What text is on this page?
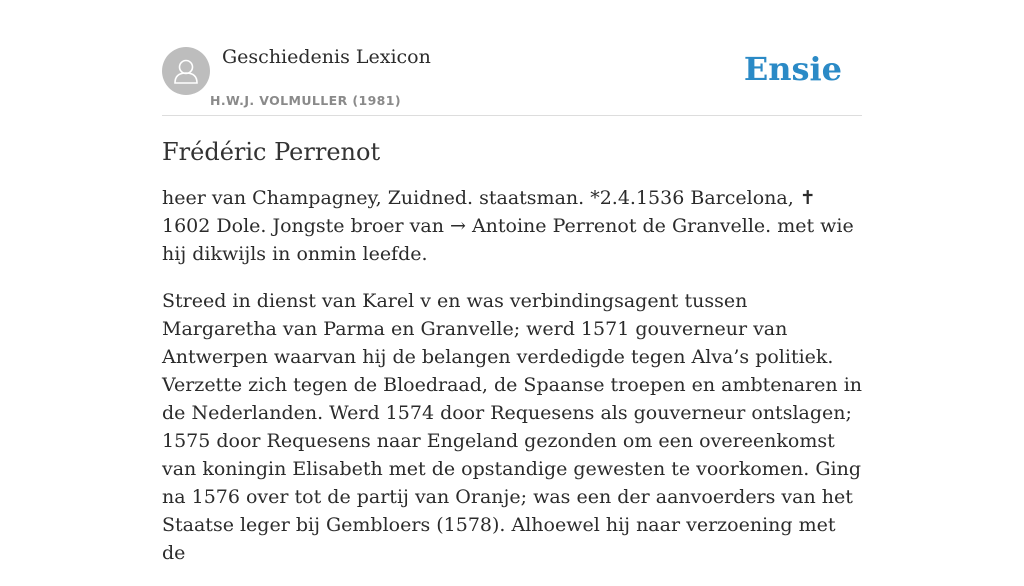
Geschiedenis Lexicon
H.W.J. VOLMULLER (1981)
Ensie
Frédéric Perrenot

heer van Champagney, Zuidned. staatsman. *2.4.1536 Barcelona, ✝ 1602 Dole. Jongste broer van → Antoine Perrenot de Granvelle. met wie hij dikwijls in onmin leefde.

Streed in dienst van Karel v en was verbindingsagent tussen Margaretha van Parma en Granvelle; werd 1571 gouverneur van Antwerpen waarvan hij de belangen verdedigde tegen Alva’s politiek. Verzette zich tegen de Bloedraad, de Spaanse troepen en ambtenaren in de Nederlanden. Werd 1574 door Requesens als gouverneur ontslagen; 1575 door Requesens naar Engeland gezonden om een overeenkomst van koningin Elisabeth met de opstandige gewesten te voorkomen. Ging na 1576 over tot de partij van Oranje; was een der aanvoerders van het Staatse leger bij Gembloers (1578). Alhoewel hij naar verzoening met de
